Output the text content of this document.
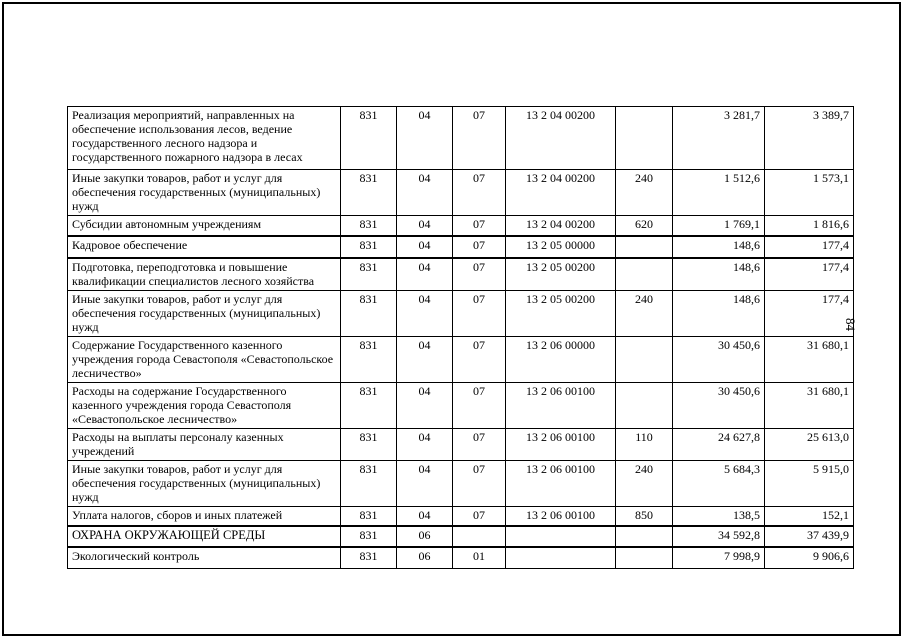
Реализация мероприятий, направленных на обеспечение использования лесов, ведение государственного лесного надзора и государственного пожарного надзора в лесах	831	04	07	13 2 04 00200		3 281,7	3 389,7
Иные закупки товаров, работ и услуг для обеспечения государственных (муниципальных) нужд	831	04	07	13 2 04 00200	240	1 512,6	1 573,1
Субсидии автономным учреждениям	831	04	07	13 2 04 00200	620	1 769,1	1 816,6
Кадровое обеспечение	831	04	07	13 2 05 00000		148,6	177,4
Подготовка, переподготовка и повышение квалификации специалистов лесного хозяйства	831	04	07	13 2 05 00200		148,6	177,4
Иные закупки товаров, работ и услуг для обеспечения государственных (муниципальных) нужд	831	04	07	13 2 05 00200	240	148,6	177,4
Содержание Государственного казенного учреждения города Севастополя «Севастопольское лесничество»	831	04	07	13 2 06 00000		30 450,6	31 680,1
Расходы на содержание Государственного казенного учреждения города Севастополя «Севастопольское лесничество»	831	04	07	13 2 06 00100		30 450,6	31 680,1
Расходы на выплаты персоналу казенных учреждений	831	04	07	13 2 06 00100	110	24 627,8	25 613,0
Иные закупки товаров, работ и услуг для обеспечения государственных (муниципальных) нужд	831	04	07	13 2 06 00100	240	5 684,3	5 915,0
Уплата налогов, сборов и иных платежей	831	04	07	13 2 06 00100	850	138,5	152,1
ОХРАНА ОКРУЖАЮЩЕЙ СРЕДЫ	831	06				34 592,8	37 439,9
Экологический контроль	831	06	01			7 998,9	9 906,6
84
